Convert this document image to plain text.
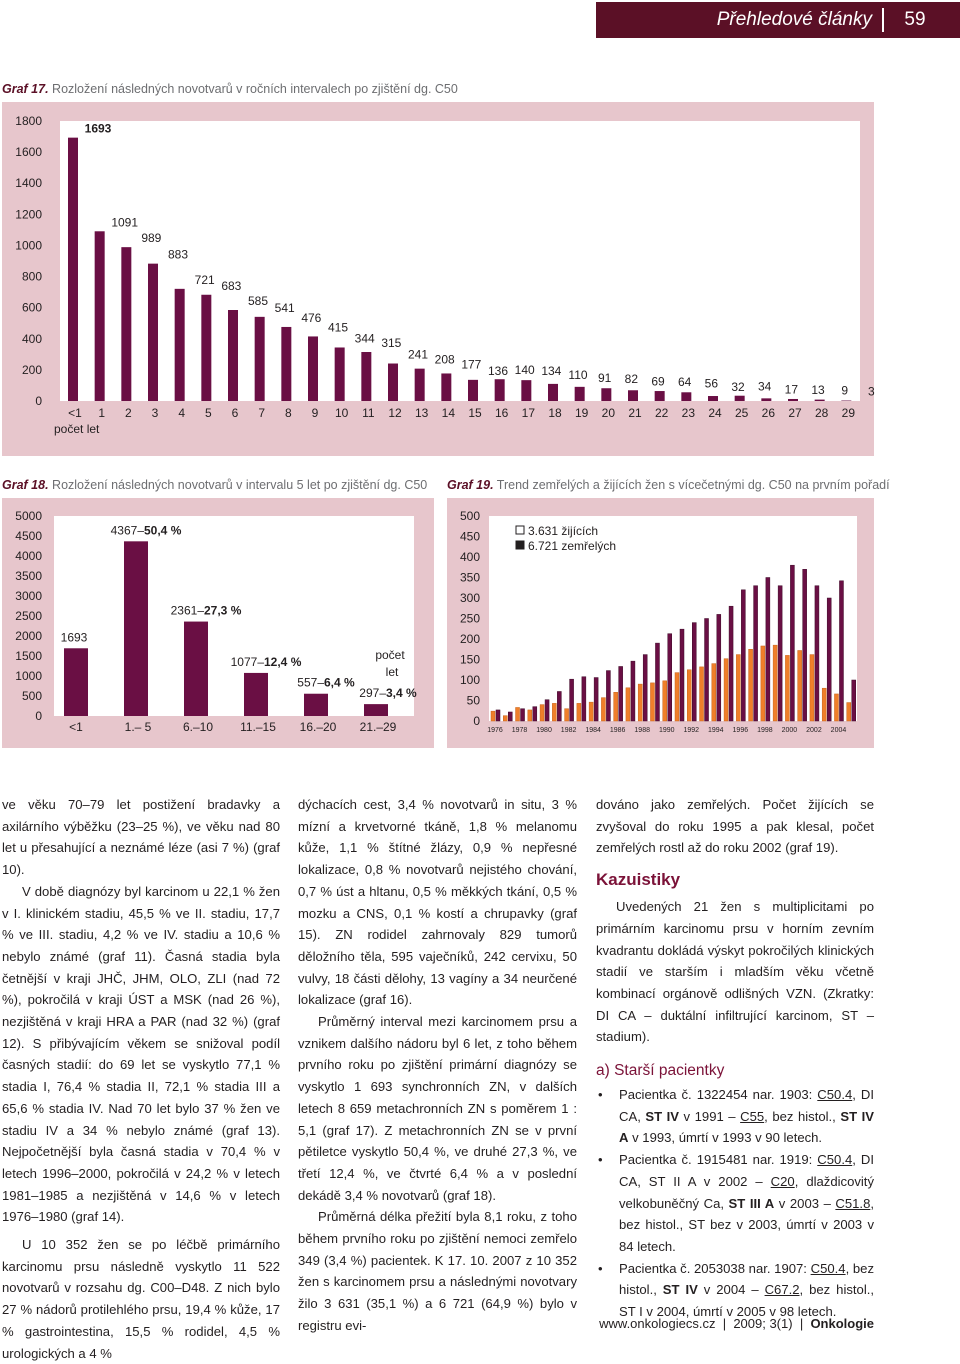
Přehledové články	59
Graf 17. Rozložení následných novotvarů v ročních intervalech po zjištění dg. C50
0
200
400
600
800
1000
1200
1400
1600
1800
1693
<1
1091
1
989
2
883
3
721
4
683
5
585
6
541
7
476
8
415
9
344
10
315
11
241
12
208
13
177
14
136
15
140
16
134
17
110
18
91
19
82
20
69
21
64
22
56
23
32
24
34
25
17
26
13
27
9
28
3
29
počet let
Graf 18. Rozložení následných novotvarů v intervalu 5 let po zjištění dg. C50
0
500
1000
1500
2000
2500
3000
3500
4000
4500
5000
<1
1693
1.– 5
4367–50,4 %
6.–10
2361–27,3 %
11.–15
1077–12,4 %
16.–20
557–6,4 %
21.–29
297–3,4 %
počet
let
Graf 19. Trend zemřelých a žijících žen s vícečetnými dg. C50 na prvním pořadí
0
50
100
150
200
250
300
350
400
450
500
1976 1978 1980 1982 1984 1986 1988 1990 1992 1994 1996 1998 2000 2002 2004
3.631 žijících
6.721 zemřelých

ve věku 70–79 let postižení bradavky a axilárního výběžku (23–25 %), ve věku nad 80 let u přesahující a neznámé léze (asi 7 %) (graf 10).

V době diagnózy byl karcinom u 22,1 % žen v I. klinickém stadiu, 45,5 % ve II. stadiu, 17,7 % ve III. stadiu, 4,2 % ve IV. stadiu a 10,6 % nebylo známé (graf 11). Časná stadia byla četnější v kraji JHČ, JHM, OLO, ZLI (nad 72 %), pokročilá v kraji ÚST a MSK (nad 26 %), nezjištěná v kraji HRA a PAR (nad 32 %) (graf 12). S přibývajícím věkem se snižoval podíl časných stadií: do 69 let se vyskytlo 77,1 % stadia I, 76,4 % stadia II, 72,1 % stadia III a 65,6 % stadia IV. Nad 70 let bylo 37 % žen ve stadiu IV a 34 % nebylo známé (graf 13). Nejpočetnější byla časná stadia v 70,4 % v letech 1996–2000, pokročilá v 24,2 % v letech 1981–1985 a nezjištěná v 14,6 % v letech 1976–1980 (graf 14).

U 10 352 žen se po léčbě primárního karcinomu prsu následně vyskytlo 11 522 novotvarů v rozsahu dg. C00–D48. Z nich bylo 27 % nádorů protilehlého prsu, 19,4 % kůže, 17 % gastrointestina, 15,5 % rodidel, 4,5 % urologických a 4 %

dýchacích cest, 3,4 % novotvarů in situ, 3 % mízní a krvetvorné tkáně, 1,8 % melanomu kůže, 1,1 % štítné žlázy, 0,9 % nepřesné lokalizace, 0,8 % novotvarů nejistého chování, 0,7 % úst a hltanu, 0,5 % měkkých tkání, 0,5 % mozku a CNS, 0,1 % kostí a chrupavky (graf 15). ZN rodidel zahrnovaly 829 tumorů děložního těla, 595 vaječníků, 242 cervixu, 50 vulvy, 18 části dělohy, 13 vagíny a 34 neurčené lokalizace (graf 16).

Průměrný interval mezi karcinomem prsu a vznikem dalšího nádoru byl 6 let, z toho během prvního roku po zjištění primární diagnózy se vyskytlo 1 693 synchronních ZN, v dalších letech 8 659 metachronních ZN s poměrem 1 : 5,1 (graf 17). Z metachronních ZN se v první pětiletce vyskytlo 50,4 %, ve druhé 27,3 %, ve třetí 12,4 %, ve čtvrté 6,4 % a v poslední dekádě 3,4 % novotvarů (graf 18).

Průměrná délka přežití byla 8,1 roku, z toho během prvního roku po zjištění nemoci zemřelo 349 (3,4 %) pacientek. K 17. 10. 2007 z 10 352 žen s karcinomem prsu a následnými novotvary žilo 3 631 (35,1 %) a 6 721 (64,9 %) bylo v registru evi-

dováno jako zemřelých. Počet žijících se zvyšoval do roku 1995 a pak klesal, počet zemřelých rostl až do roku 2002 (graf 19).

Kazuistiky

Uvedených 21 žen s multiplicitami po primárním karcinomu prsu v horním zevním kvadrantu dokládá výskyt pokročilých klinických stadií ve starším i mladším věku včetně kombinací orgánově odlišných VZN. (Zkratky: DI CA – duktální infiltrující karcinom, ST – stadium).

a) Starší pacientky

• Pacientka č. 1322454 nar. 1903: C50.4, DI CA, ST IV v 1991 – C55, bez histol., ST IV A v 1993, úmrtí v 1993 v 90 letech.

• Pacientka č. 1915481 nar. 1919: C50.4, DI CA, ST II A v 2002 – C20, dlaždicovitý velkobuněčný Ca, ST III A v 2003 – C51.8, bez histol., ST bez v 2003, úmrtí v 2003 v 84 letech.

• Pacientka č. 2053038 nar. 1907: C50.4, bez histol., ST IV v 2004 – C67.2, bez histol., ST I v 2004, úmrtí v 2005 v 98 letech.

www.onkologiecs.cz  |  2009; 3(1)  |  Onkologie
